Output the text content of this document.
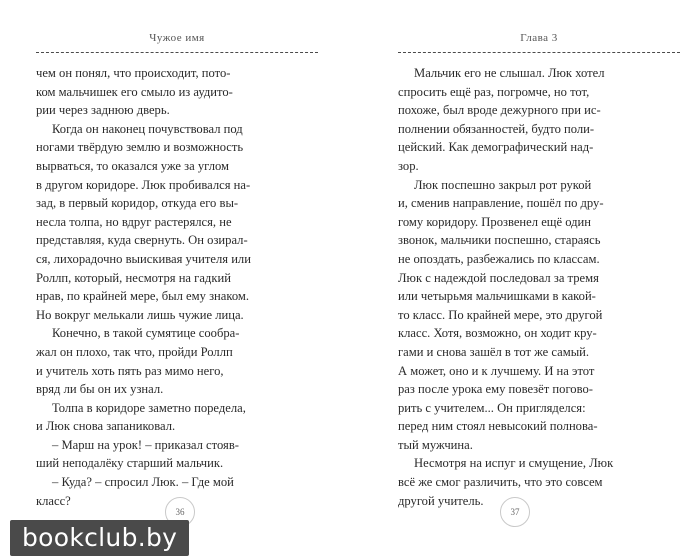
Чужое имя
чем он понял, что происходит, пото-
ком мальчишек его смыло из аудито-
рии через заднюю дверь.
Когда он наконец почувствовал под
ногами твёрдую землю и возможность
вырваться, то оказался уже за углом
в другом коридоре. Люк пробивался на-
зад, в первый коридор, откуда его вы-
несла толпа, но вдруг растерялся, не
представляя, куда свернуть. Он озирал-
ся, лихорадочно выискивая учителя или
Роллп, который, несмотря на гадкий
нрав, по крайней мере, был ему знаком.
Но вокруг мелькали лишь чужие лица.
Конечно, в такой сумятице сообра-
жал он плохо, так что, пройди Роллп
и учитель хоть пять раз мимо него,
вряд ли бы он их узнал.
Толпа в коридоре заметно поредела,
и Люк снова запаниковал.
– Марш на урок! – приказал стояв-
ший неподалёку старший мальчик.
– Куда? – спросил Люк. – Где мой
класс?
36
Глава 3
Мальчик его не слышал. Люк хотел
спросить ещё раз, погромче, но тот,
похоже, был вроде дежурного при ис-
полнении обязанностей, будто поли-
цейский. Как демографический над-
зор.
Люк поспешно закрыл рот рукой
и, сменив направление, пошёл по дру-
гому коридору. Прозвенел ещё один
звонок, мальчики поспешно, стараясь
не опоздать, разбежались по классам.
Люк с надеждой последовал за тремя
или четырьмя мальчишками в какой-
то класс. По крайней мере, это другой
класс. Хотя, возможно, он ходит кру-
гами и снова зашёл в тот же самый.
А может, оно и к лучшему. И на этот
раз после урока ему повезёт погово-
рить с учителем... Он пригляделся:
перед ним стоял невысокий полнова-
тый мужчина.
Несмотря на испуг и смущение, Люк
всё же смог различить, что это совсем
другой учитель.
37
bookclub.by
